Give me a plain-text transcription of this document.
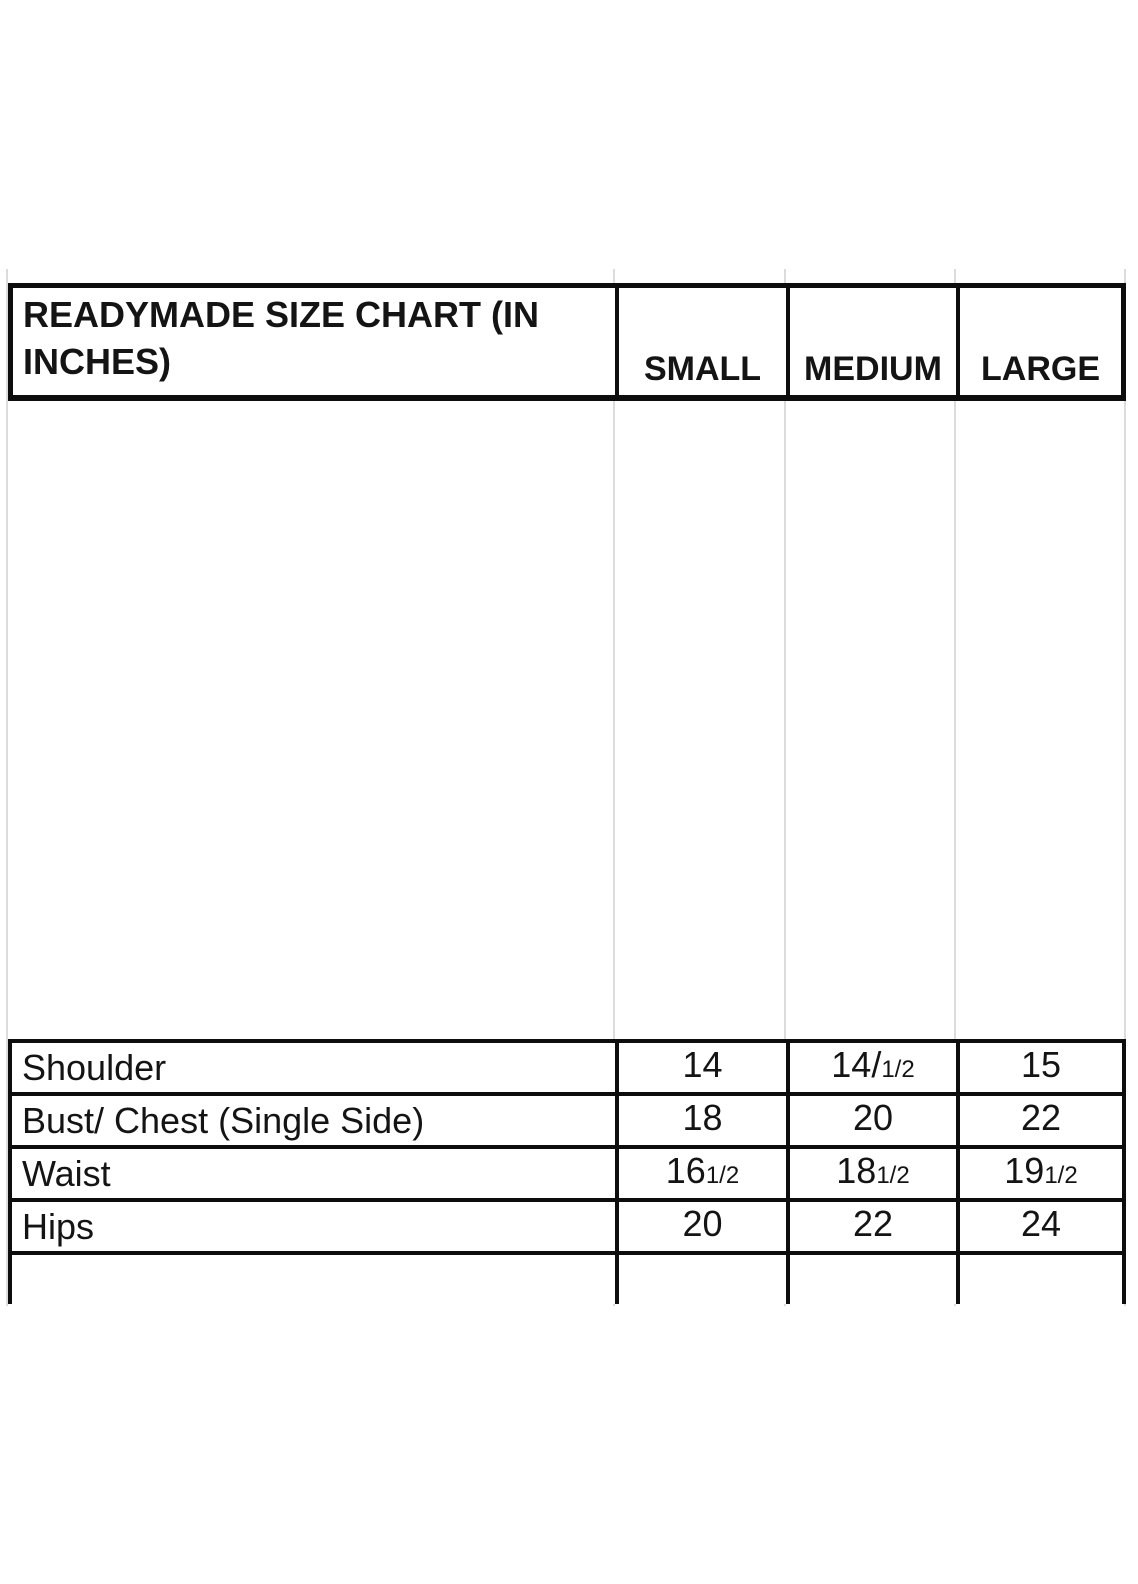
READYMADE SIZE CHART (IN INCHES)	SMALL	MEDIUM	LARGE
Shoulder	14	14/1/2	15
Bust/ Chest (Single Side)	18	20	22
Waist	161/2	181/2	191/2
Hips	20	22	24
